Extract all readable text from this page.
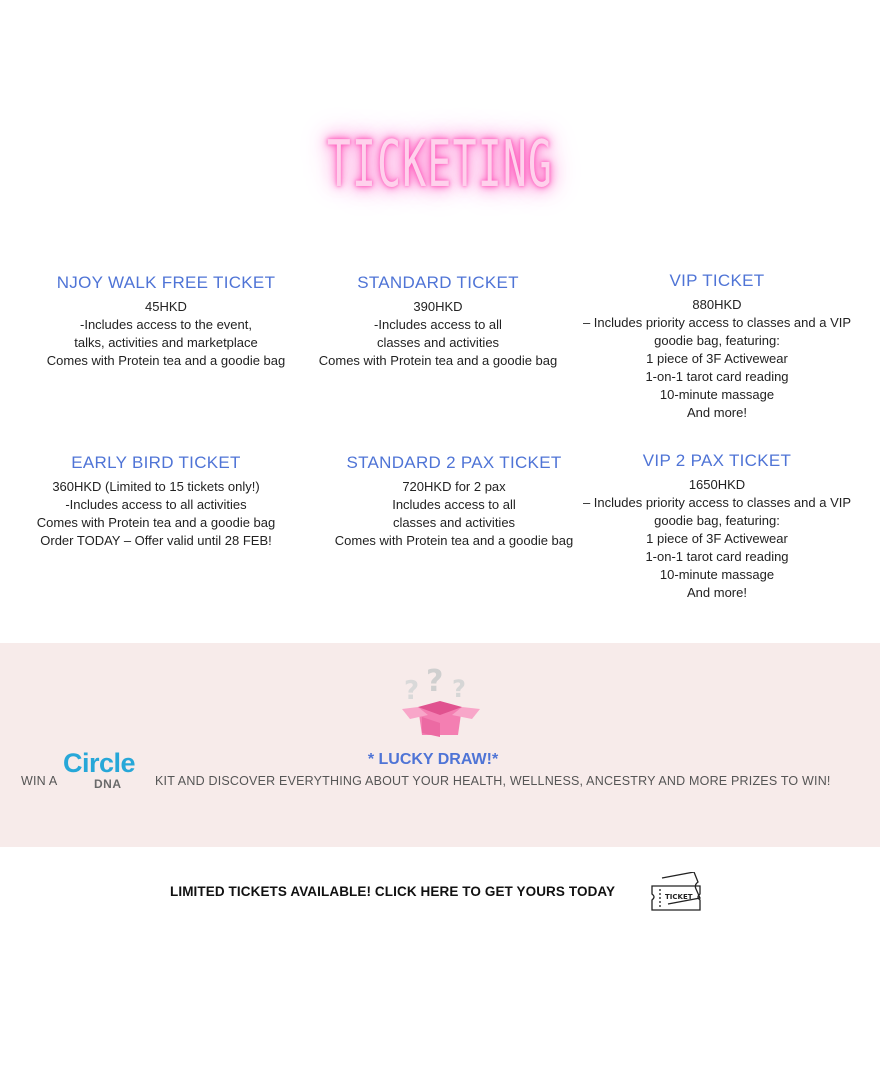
TICKETING
NJOY WALK FREE TICKET
45HKD
-Includes access to the event,
talks, activities and marketplace
Comes with Protein tea and a goodie bag
STANDARD TICKET
390HKD
-Includes access to all
classes and activities
Comes with Protein tea and a goodie bag
VIP TICKET
880HKD
– Includes priority access to classes and a VIP
goodie bag, featuring:
1 piece of 3F Activewear
1-on-1 tarot card reading
10-minute massage
And more!
EARLY BIRD TICKET
360HKD (Limited to 15 tickets only!)
-Includes access to all activities
Comes with Protein tea and a goodie bag
Order TODAY – Offer valid until 28 FEB!
STANDARD 2 PAX TICKET
720HKD for 2 pax
Includes access to all
classes and activities
Comes with Protein tea and a goodie bag
VIP 2 PAX TICKET
1650HKD
– Includes priority access to classes and a VIP
goodie bag, featuring:
1 piece of 3F Activewear
1-on-1 tarot card reading
10-minute massage
And more!
? ? ?
* LUCKY DRAW!*
WIN A
Circle
DNA	KIT AND DISCOVER EVERYTHING ABOUT YOUR HEALTH, WELLNESS, ANCESTRY AND MORE PRIZES TO WIN!
LIMITED TICKETS AVAILABLE! CLICK HERE TO GET YOURS TODAY	TICKET
